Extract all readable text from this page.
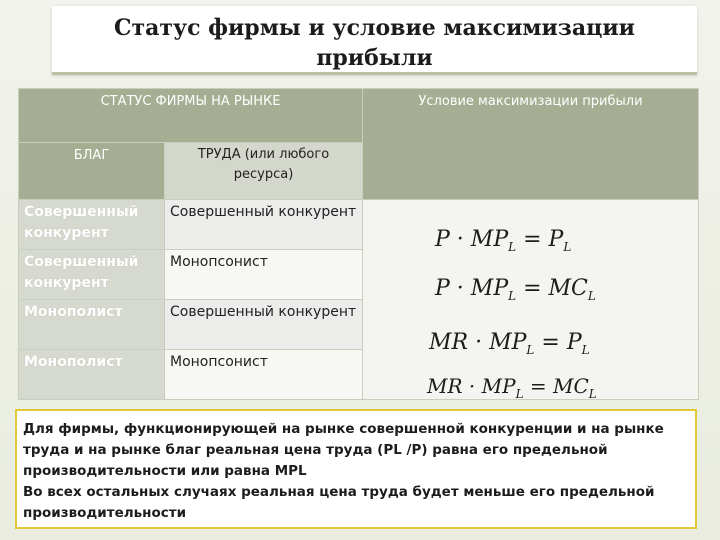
Статус фирмы и условие максимизации прибыли
СТАТУС ФИРМЫ НА РЫНКЕ		Условие максимизации прибыли
БЛАГ	ТРУДА (или любого ресурса)	
Совершенный конкурент	Совершенный конкурент	$P \cdot MP_L = P_L$
$P \cdot MP_L = MC_L$
MR · $MP_L = P_L$
MR · $MP_L = MC_L$

Совершенный конкурент	Монопсонист	
Монополист	Совершенный конкурент	
Монополист	Монопсонист	

Для фирмы, функционирующей на рынке совершенной конкуренции и на рынке труда и на рынке благ реальная цена труда (PL /P) равна его предельной производительности или равна MPL

Во всех остальных случаях реальная цена труда будет меньше его предельной производительности
